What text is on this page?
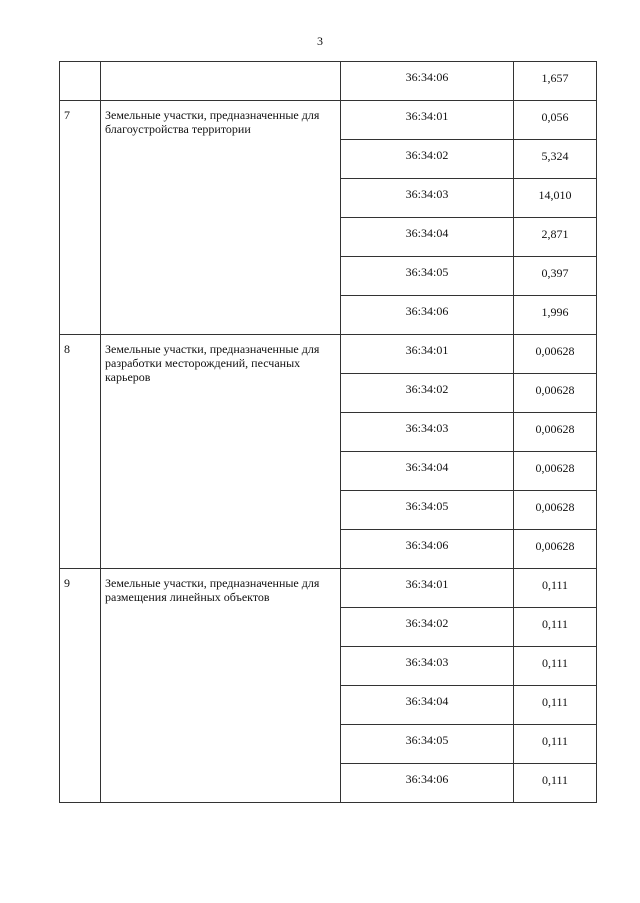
3
		36:34:06	1,657
7	Земельные участки, предназначенные для благоустройства территории	36:34:01	0,056
		36:34:02	5,324
		36:34:03	14,010
		36:34:04	2,871
		36:34:05	0,397
		36:34:06	1,996
8	Земельные участки, предназначенные для разработки месторождений, песчаных карьеров	36:34:01	0,00628
		36:34:02	0,00628
		36:34:03	0,00628
		36:34:04	0,00628
		36:34:05	0,00628
		36:34:06	0,00628
9	Земельные участки, предназначенные для размещения линейных объектов	36:34:01	0,111
		36:34:02	0,111
		36:34:03	0,111
		36:34:04	0,111
		36:34:05	0,111
		36:34:06	0,111
